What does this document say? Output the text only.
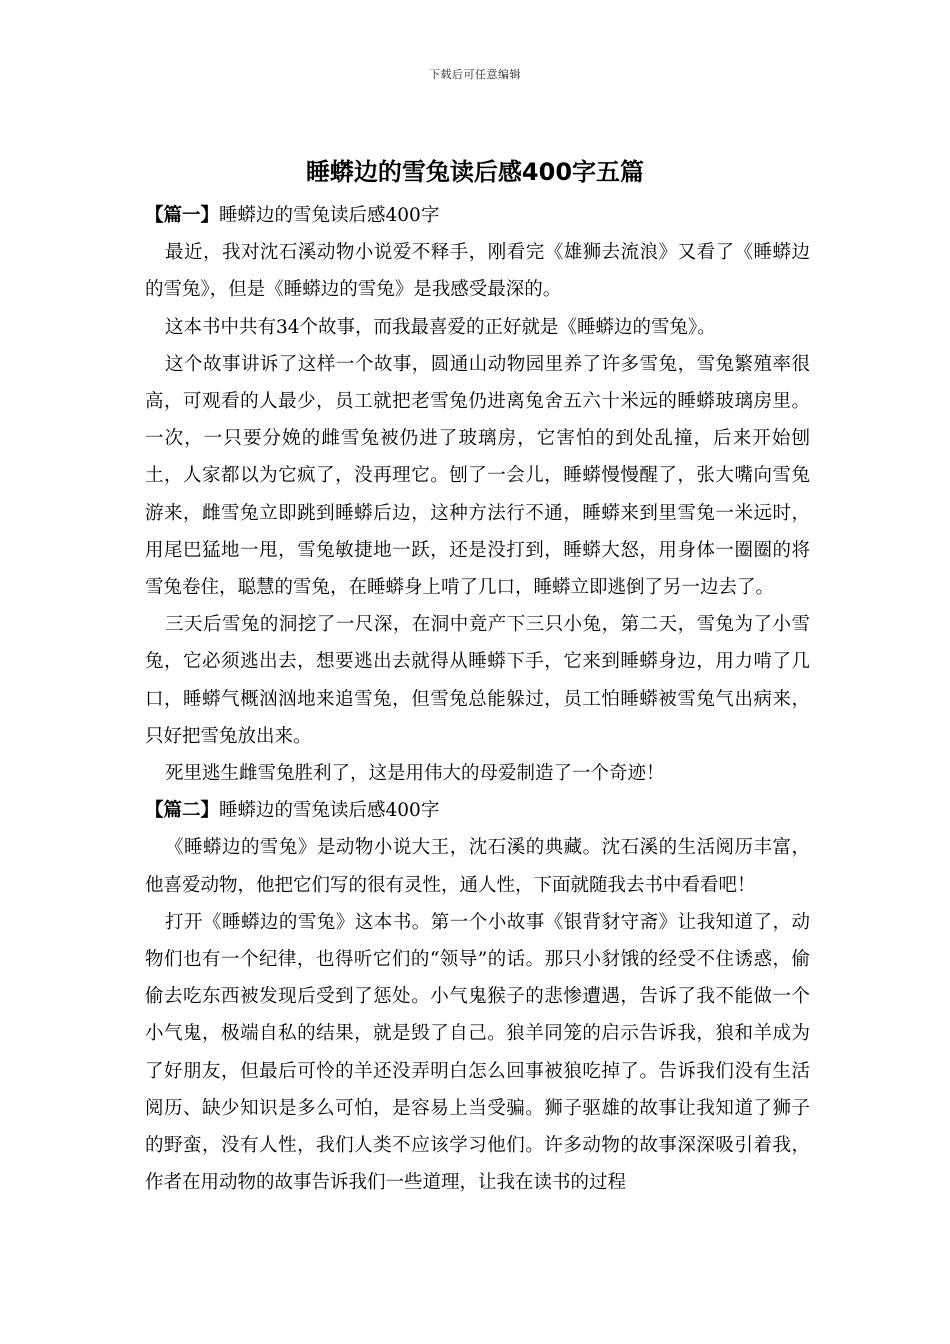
下载后可任意编辑
睡蟒边的雪兔读后感400字五篇

【篇一】睡蟒边的雪兔读后感400字

最近，我对沈石溪动物小说爱不释手，刚看完《雄狮去流浪》又看了《睡蟒边的雪兔》，但是《睡蟒边的雪兔》是我感受最深的。

这本书中共有34个故事，而我最喜爱的正好就是《睡蟒边的雪兔》。

这个故事讲诉了这样一个故事，圆通山动物园里养了许多雪兔，雪兔繁殖率很高，可观看的人最少，员工就把老雪兔仍进离兔舍五六十米远的睡蟒玻璃房里。一次，一只要分娩的雌雪兔被仍进了玻璃房，它害怕的到处乱撞，后来开始刨土，人家都以为它疯了，没再理它。刨了一会儿，睡蟒慢慢醒了，张大嘴向雪兔游来，雌雪兔立即跳到睡蟒后边，这种方法行不通，睡蟒来到里雪兔一米远时，用尾巴猛地一甩，雪兔敏捷地一跃，还是没打到，睡蟒大怒，用身体一圈圈的将雪兔卷住，聪慧的雪兔，在睡蟒身上啃了几口，睡蟒立即逃倒了另一边去了。

三天后雪兔的洞挖了一尺深，在洞中竟产下三只小兔，第二天，雪兔为了小雪兔，它必须逃出去，想要逃出去就得从睡蟒下手，它来到睡蟒身边，用力啃了几口，睡蟒气概汹汹地来追雪兔，但雪兔总能躲过，员工怕睡蟒被雪兔气出病来，只好把雪兔放出来。

死里逃生雌雪兔胜利了，这是用伟大的母爱制造了一个奇迹！

【篇二】睡蟒边的雪兔读后感400字

《睡蟒边的雪兔》是动物小说大王，沈石溪的典藏。沈石溪的生活阅历丰富，他喜爱动物，他把它们写的很有灵性，通人性，下面就随我去书中看看吧！

打开《睡蟒边的雪兔》这本书。第一个小故事《银背豺守斋》让我知道了，动物们也有一个纪律，也得听它们的“领导”的话。那只小豺饿的经受不住诱惑，偷偷去吃东西被发现后受到了惩处。小气鬼猴子的悲惨遭遇，告诉了我不能做一个小气鬼，极端自私的结果，就是毁了自己。狼羊同笼的启示告诉我，狼和羊成为了好朋友，但最后可怜的羊还没弄明白怎么回事被狼吃掉了。告诉我们没有生活阅历、缺少知识是多么可怕，是容易上当受骗。狮子驱雄的故事让我知道了狮子的野蛮，没有人性，我们人类不应该学习他们。许多动物的故事深深吸引着我，作者在用动物的故事告诉我们一些道理，让我在读书的过程
